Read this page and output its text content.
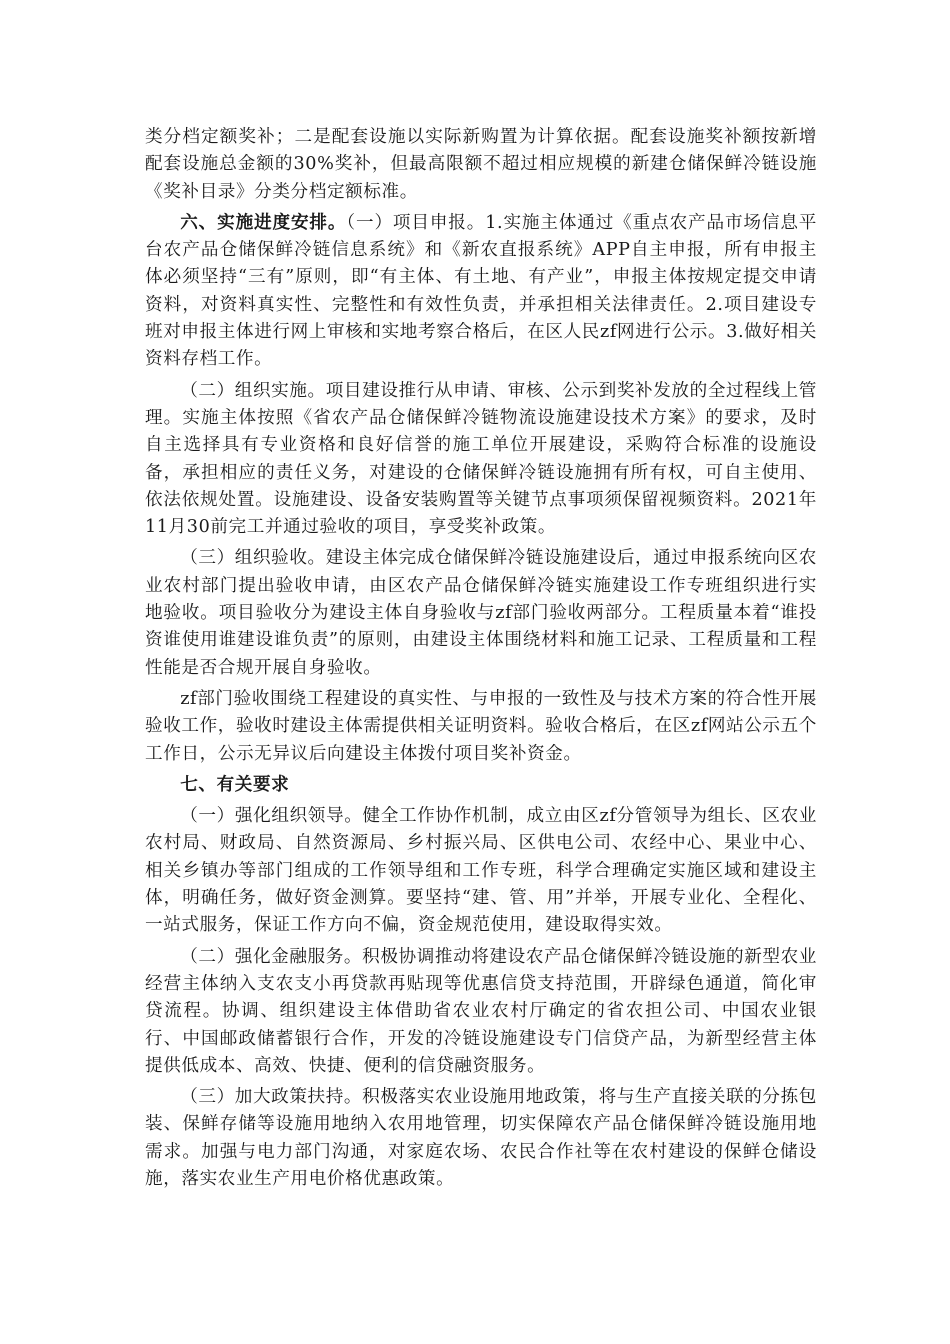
类分档定额奖补；二是配套设施以实际新购置为计算依据。配套设施奖补额按新增配套设施总金额的30%奖补，但最高限额不超过相应规模的新建仓储保鲜冷链设施《奖补目录》分类分档定额标准。

六、实施进度安排。（一）项目申报。1.实施主体通过《重点农产品市场信息平台农产品仓储保鲜冷链信息系统》和《新农直报系统》APP自主申报，所有申报主体必须坚持“三有”原则，即“有主体、有土地、有产业”，申报主体按规定提交申请资料，对资料真实性、完整性和有效性负责，并承担相关法律责任。2.项目建设专班对申报主体进行网上审核和实地考察合格后，在区人民zf网进行公示。3.做好相关资料存档工作。

（二）组织实施。项目建设推行从申请、审核、公示到奖补发放的全过程线上管理。实施主体按照《省农产品仓储保鲜冷链物流设施建设技术方案》的要求，及时自主选择具有专业资格和良好信誉的施工单位开展建设，采购符合标准的设施设备，承担相应的责任义务，对建设的仓储保鲜冷链设施拥有所有权，可自主使用、依法依规处置。设施建设、设备安装购置等关键节点事项须保留视频资料。2021年11月30前完工并通过验收的项目，享受奖补政策。

（三）组织验收。建设主体完成仓储保鲜冷链设施建设后，通过申报系统向区农业农村部门提出验收申请，由区农产品仓储保鲜冷链实施建设工作专班组织进行实地验收。项目验收分为建设主体自身验收与zf部门验收两部分。工程质量本着“谁投资谁使用谁建设谁负责”的原则，由建设主体围绕材料和施工记录、工程质量和工程性能是否合规开展自身验收。

zf部门验收围绕工程建设的真实性、与申报的一致性及与技术方案的符合性开展验收工作，验收时建设主体需提供相关证明资料。验收合格后，在区zf网站公示五个工作日，公示无异议后向建设主体拨付项目奖补资金。

七、有关要求

（一）强化组织领导。健全工作协作机制，成立由区zf分管领导为组长、区农业农村局、财政局、自然资源局、乡村振兴局、区供电公司、农经中心、果业中心、相关乡镇办等部门组成的工作领导组和工作专班，科学合理确定实施区域和建设主体，明确任务，做好资金测算。要坚持“建、管、用”并举，开展专业化、全程化、一站式服务，保证工作方向不偏，资金规范使用，建设取得实效。

（二）强化金融服务。积极协调推动将建设农产品仓储保鲜冷链设施的新型农业经营主体纳入支农支小再贷款再贴现等优惠信贷支持范围，开辟绿色通道，简化审贷流程。协调、组织建设主体借助省农业农村厅确定的省农担公司、中国农业银行、中国邮政储蓄银行合作，开发的冷链设施建设专门信贷产品，为新型经营主体提供低成本、高效、快捷、便利的信贷融资服务。

（三）加大政策扶持。积极落实农业设施用地政策，将与生产直接关联的分拣包装、保鲜存储等设施用地纳入农用地管理，切实保障农产品仓储保鲜冷链设施用地需求。加强与电力部门沟通，对家庭农场、农民合作社等在农村建设的保鲜仓储设施，落实农业生产用电价格优惠政策。
